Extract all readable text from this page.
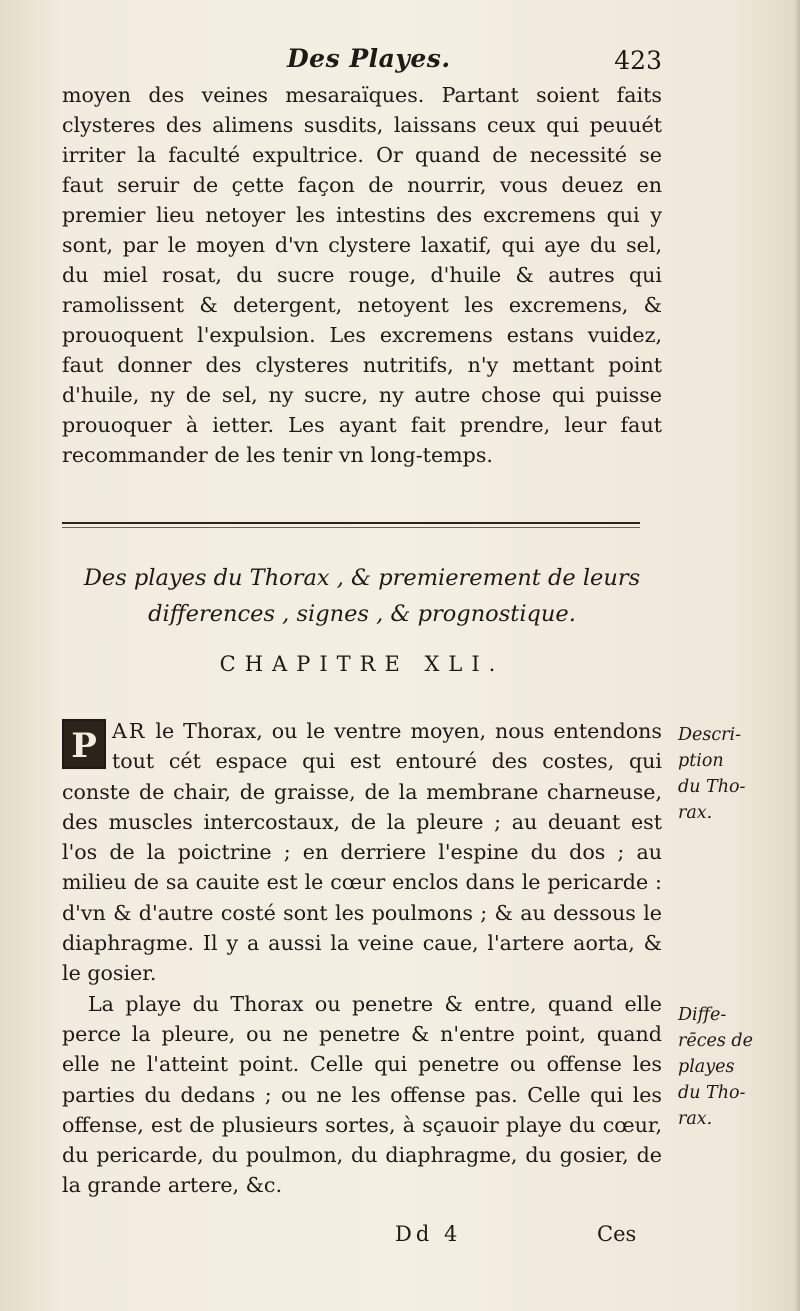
Des Playes.	423

moyen des veines mesaraïques. Partant soient faits clysteres des alimens susdits, laissans ceux qui peuuét irriter la faculté expultrice. Or quand de necessité se faut seruir de çette façon de nourrir, vous deuez en premier lieu netoyer les intestins des excremens qui y sont, par le moyen d'vn clystere laxatif, qui aye du sel, du miel rosat, du sucre rouge, d'huile & autres qui ramolissent & detergent, netoyent les excremens, & prouoquent l'expulsion. Les excremens estans vuidez, faut donner des clysteres nutritifs, n'y mettant point d'huile, ny de sel, ny sucre, ny autre chose qui puisse prouoquer à ietter. Les ayant fait prendre, leur faut recommander de les tenir vn long-temps.

Des playes du Thorax , & premierement de leurs
differences , signes , & prognostique.
CHAPITRE XLI.

P AR le Thorax, ou le ventre moyen, nous entendons tout cét espace qui est entouré des costes, qui conste de chair, de graisse, de la membrane charneuse, des muscles intercostaux, de la pleure ; au deuant est l'os de la poictrine ; en derriere l'espine du dos ; au milieu de sa cauite est le cœur enclos dans le pericarde : d'vn & d'autre costé sont les poulmons ; & au dessous le diaphragme. Il y a aussi la veine caue, l'artere aorta, & le gosier.

La playe du Thorax ou penetre & entre, quand elle perce la pleure, ou ne penetre & n'entre point, quand elle ne l'atteint point. Celle qui penetre ou offense les parties du dedans ; ou ne les offense pas. Celle qui les offense, est de plusieurs sortes, à sçauoir playe du cœur, du pericarde, du poulmon, du diaphragme, du gosier, de la grande artere, &c.

Descri-
ption
du Tho-
rax.
Diffe-
rēces de
playes
du Tho-
rax.
Dd 4	Ces
